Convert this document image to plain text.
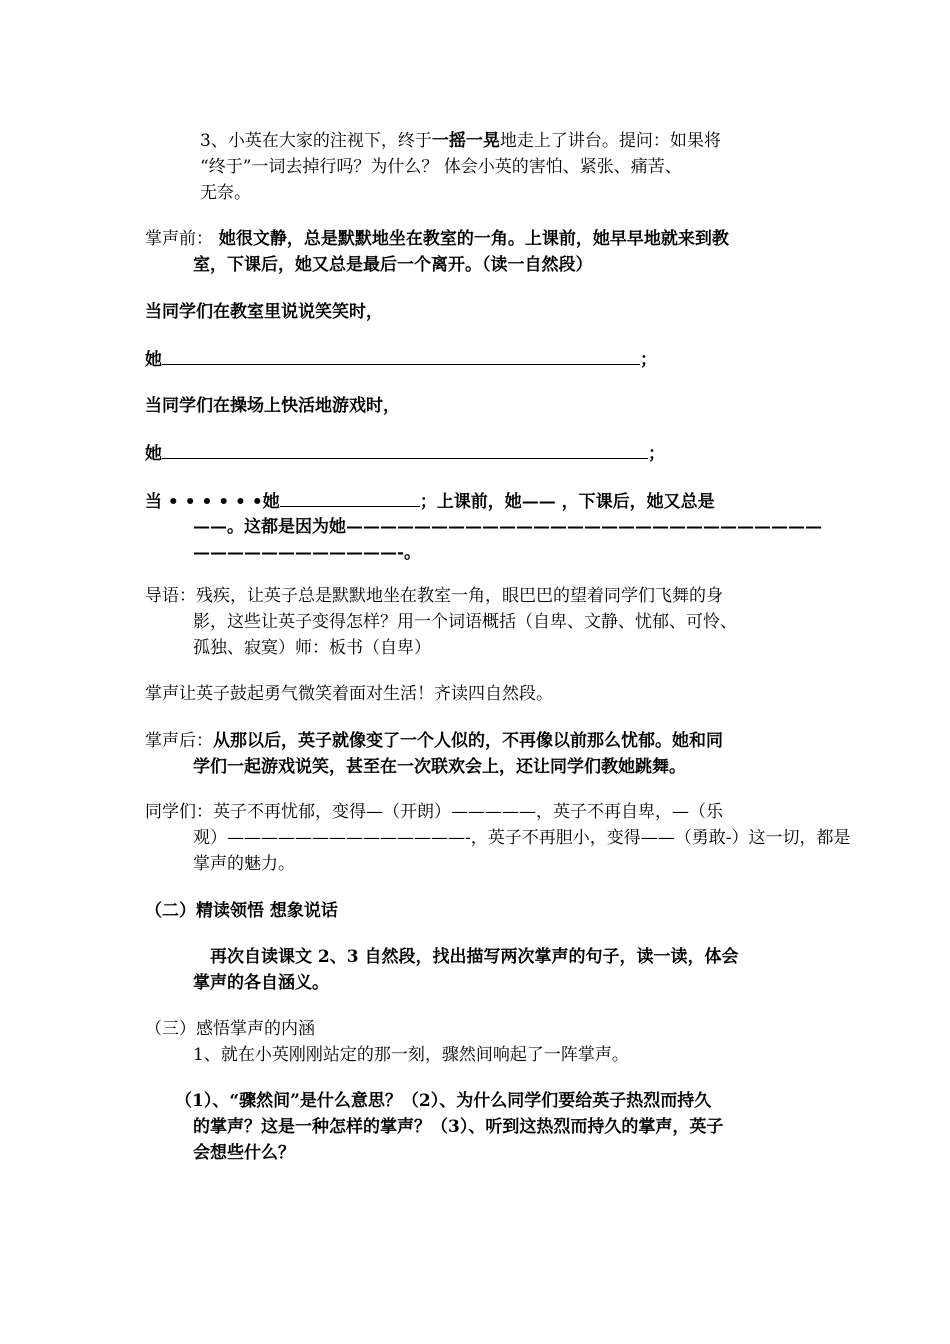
3、小英在大家的注视下，终于一摇一晃地走上了讲台。提问：如果将
“终于”一词去掉行吗？为什么？ 体会小英的害怕、紧张、痛苦、
无奈。
掌声前： 她很文静，总是默默地坐在教室的一角。上课前，她早早地就来到教
室，下课后，她又总是最后一个离开。（读一自然段）
当同学们在教室里说说笑笑时，
她	；
当同学们在操场上快活地游戏时，
她	；
当 • • • • • •她	；上课前，她—— ，下课后，她又总是
——。这都是因为她————————————————————————————
————————————-。
导语：残疾，让英子总是默默地坐在教室一角，眼巴巴的望着同学们飞舞的身
影，这些让英子变得怎样？用一个词语概括（自卑、文静、忧郁、可怜、
孤独、寂寞）师：板书（自卑）
掌声让英子鼓起勇气微笑着面对生活！齐读四自然段。
掌声后：从那以后，英子就像变了一个人似的，不再像以前那么忧郁。她和同
学们一起游戏说笑，甚至在一次联欢会上，还让同学们教她跳舞。
同学们：英子不再忧郁，变得—（开朗）—————，英子不再自卑，—（乐
观）——————————————-，英子不再胆小，变得——（勇敢-）这一切，都是
掌声的魅力。
（二）精读领悟 想象说话
再次自读课文 2、3 自然段，找出描写两次掌声的句子，读一读，体会
掌声的各自涵义。
（三）感悟掌声的内涵
1、就在小英刚刚站定的那一刻，骤然间响起了一阵掌声。
（1）、“骤然间”是什么意思？（2）、为什么同学们要给英子热烈而持久
的掌声？这是一种怎样的掌声？（3）、听到这热烈而持久的掌声，英子
会想些什么？
